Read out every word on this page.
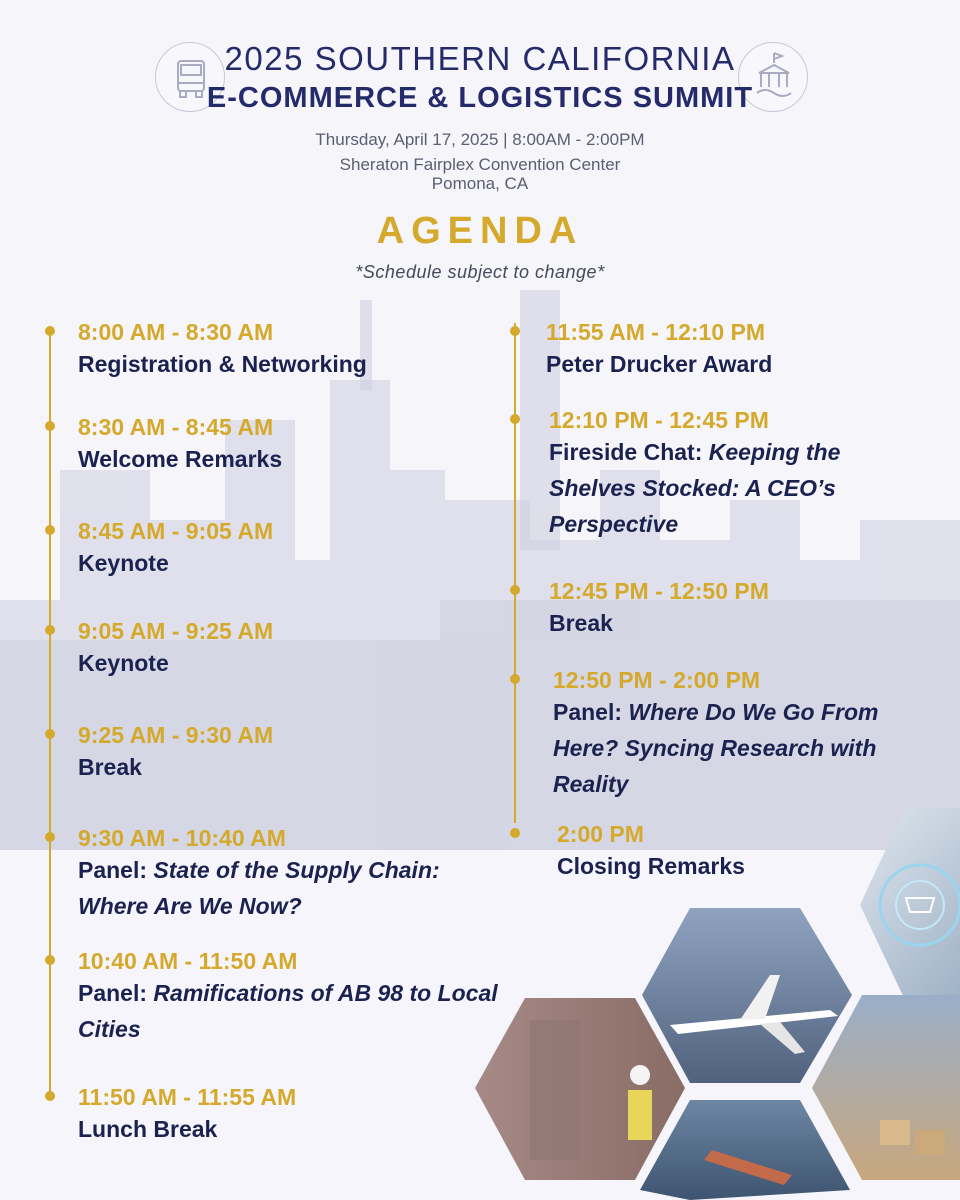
2025 SOUTHERN CALIFORNIA
E-COMMERCE & LOGISTICS SUMMIT
Thursday, April 17, 2025 | 8:00AM - 2:00PM
Sheraton Fairplex Convention Center
Pomona, CA
AGENDA
*Schedule subject to change*
8:00 AM - 8:30 AM
Registration & Networking
8:30 AM - 8:45 AM
Welcome Remarks
8:45 AM - 9:05 AM
Keynote
9:05 AM - 9:25 AM
Keynote
9:25 AM - 9:30 AM
Break
9:30 AM - 10:40 AM
Panel: State of the Supply Chain: Where Are We Now?
10:40 AM - 11:50 AM
Panel: Ramifications of AB 98 to Local Cities
11:50 AM - 11:55 AM
Lunch Break
11:55 AM - 12:10 PM
Peter Drucker Award
12:10 PM - 12:45 PM
Fireside Chat: Keeping the Shelves Stocked: A CEO’s Perspective
12:45 PM - 12:50 PM
Break
12:50 PM - 2:00 PM
Panel: Where Do We Go From Here? Syncing Research with Reality
2:00 PM
Closing Remarks
